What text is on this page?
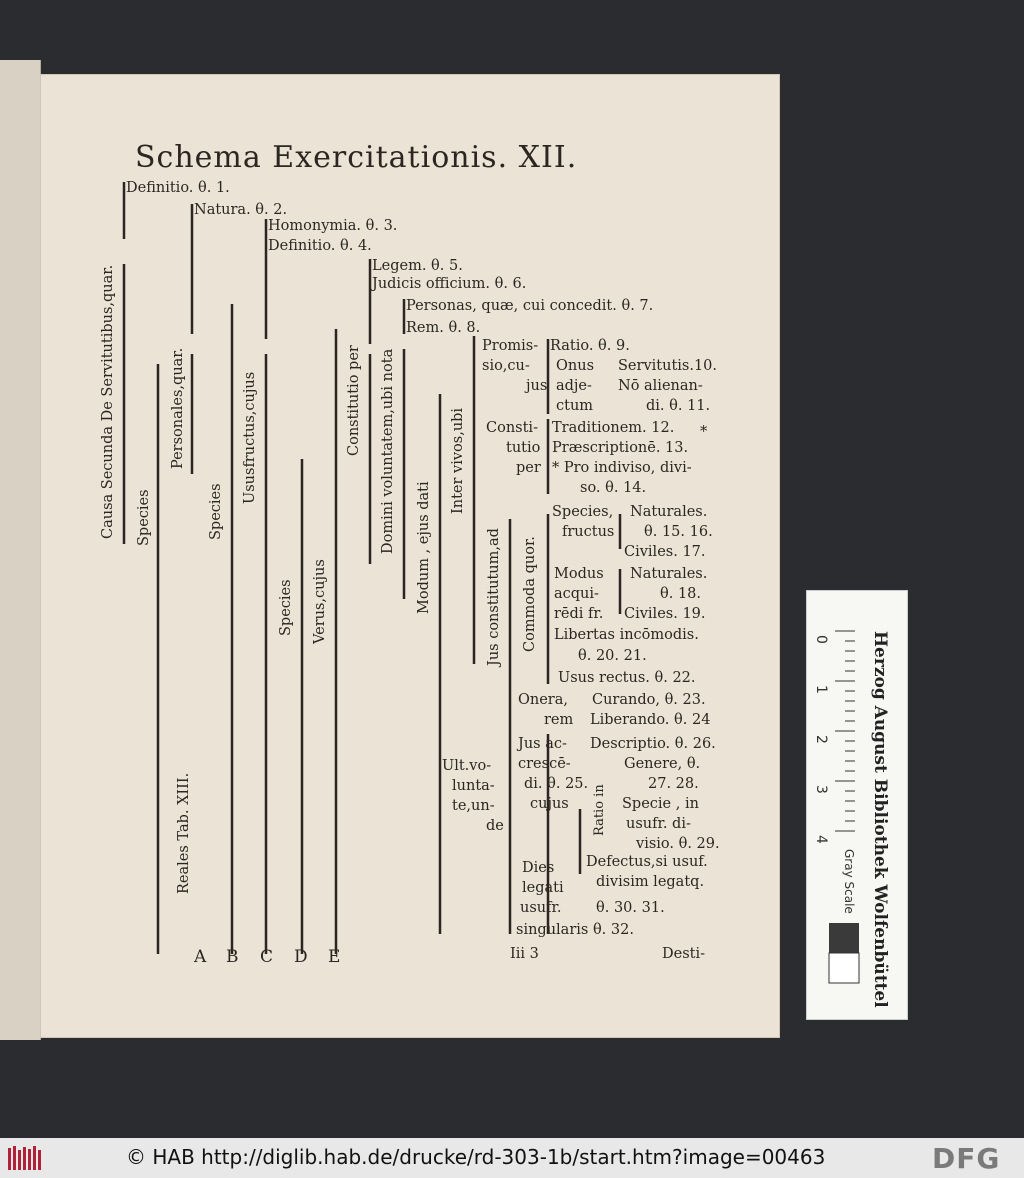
Schema Exercitationis. XII.
Causa Secunda De Servitutibus,quar. Species
Personales,quar.
Species
Reales Tab. XIII.
Ususfructus,cujus
Species Verus,cujus
Constitutio per Domini voluntatem,ubi nota Modum , ejus dati
Inter vivos,ubi
Jus constitutum,ad Commoda quor.
Ratio in
Definitio. θ. 1.
Natura. θ. 2.
Homonymia. θ. 3.
Definitio. θ. 4.
Legem. θ. 5.
Judicis officium. θ. 6.
Personas, quæ, cui concedit. θ. 7.
Rem. θ. 8.
Promis-
sio,cu-
jus
Ratio. θ. 9.
Onus
adje-
ctum
Servitutis.10.
Nō alienan-
di. θ. 11.
Consti-
tutio
per
Traditionem. 12. *
Præscriptionē. 13.
* Pro indiviso, divi-
so. θ. 14.
Species,
fructus
Naturales.
θ. 15. 16.
Civiles. 17.
Modus
acqui-
rēdi fr.
Naturales.
θ. 18.
Civiles. 19.
Libertas incōmodis.
θ. 20. 21.
Usus rectus. θ. 22.
Onera,
rem
Curando, θ. 23.
Liberando. θ. 24
Jus ac-
crescē-
di. θ. 25.
cujus
Descriptio. θ. 26.
Genere, θ.
27. 28.
Specie , in
usufr. di-
visio. θ. 29.
Ult.vo-
lunta-
te,un-
de
Dies
legati
usufr.
singularis θ. 32.
Defectus,si usuf.
divisim legatq.
θ. 30. 31.
A B C D E	Iii 3	Desti-
0
1
2
3
4
Gray Scale Herzog August Bibliothek Wolfenbüttel
© HAB http://diglib.hab.de/drucke/rd-303-1b/start.htm?image=00463	DFG
